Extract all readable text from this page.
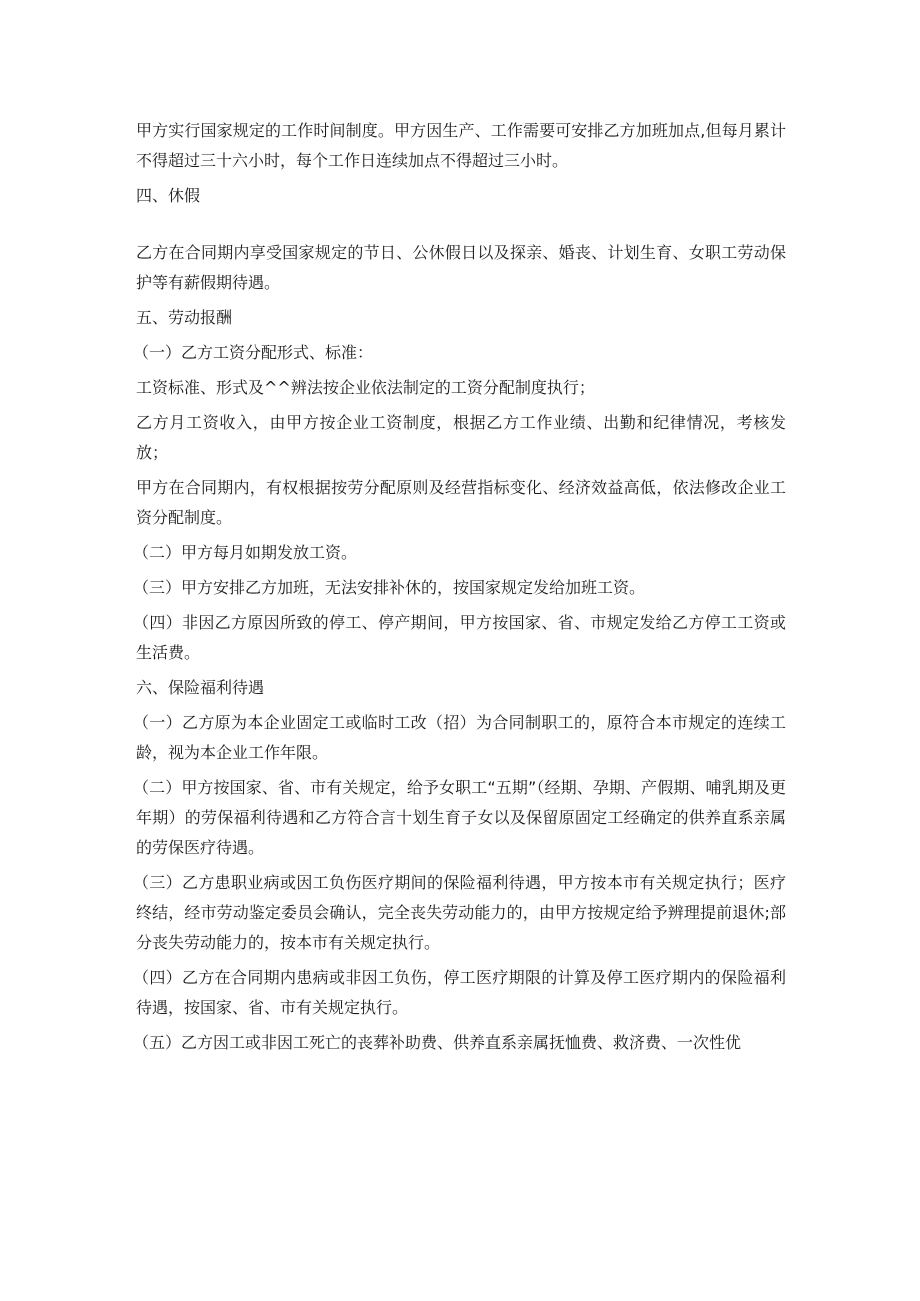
甲方实行国家规定的工作时间制度。甲方因生产、工作需要可安排乙方加班加点,但每月累计不得超过三十六小时，每个工作日连续加点不得超过三小时。

四、休假

乙方在合同期内享受国家规定的节日、公休假日以及探亲、婚丧、计划生育、女职工劳动保护等有薪假期待遇。

五、劳动报酬

（一）乙方工资分配形式、标准：

工资标准、形式及^^辨法按企业依法制定的工资分配制度执行；

乙方月工资收入，由甲方按企业工资制度，根据乙方工作业绩、出勤和纪律情况，考核发放；

甲方在合同期内，有权根据按劳分配原则及经营指标变化、经济效益高低，依法修改企业工资分配制度。

（二）甲方每月如期发放工资。

（三）甲方安排乙方加班，无法安排补休的，按国家规定发给加班工资。

（四）非因乙方原因所致的停工、停产期间，甲方按国家、省、市规定发给乙方停工工资或生活费。

六、保险福利待遇

（一）乙方原为本企业固定工或临时工改（招）为合同制职工的，原符合本市规定的连续工龄，视为本企业工作年限。

（二）甲方按国家、省、市有关规定，给予女职工“五期”（经期、孕期、产假期、哺乳期及更年期）的劳保福利待遇和乙方符合言十划生育子女以及保留原固定工经确定的供养直系亲属的劳保医疗待遇。

（三）乙方患职业病或因工负伤医疗期间的保险福利待遇，甲方按本市有关规定执行；医疗终结，经市劳动鉴定委员会确认，完全丧失劳动能力的，由甲方按规定给予辨理提前退休;部分丧失劳动能力的，按本市有关规定执行。

（四）乙方在合同期内患病或非因工负伤，停工医疗期限的计算及停工医疗期内的保险福利待遇，按国家、省、市有关规定执行。

（五）乙方因工或非因工死亡的丧葬补助费、供养直系亲属抚恤费、救济费、一次性优
